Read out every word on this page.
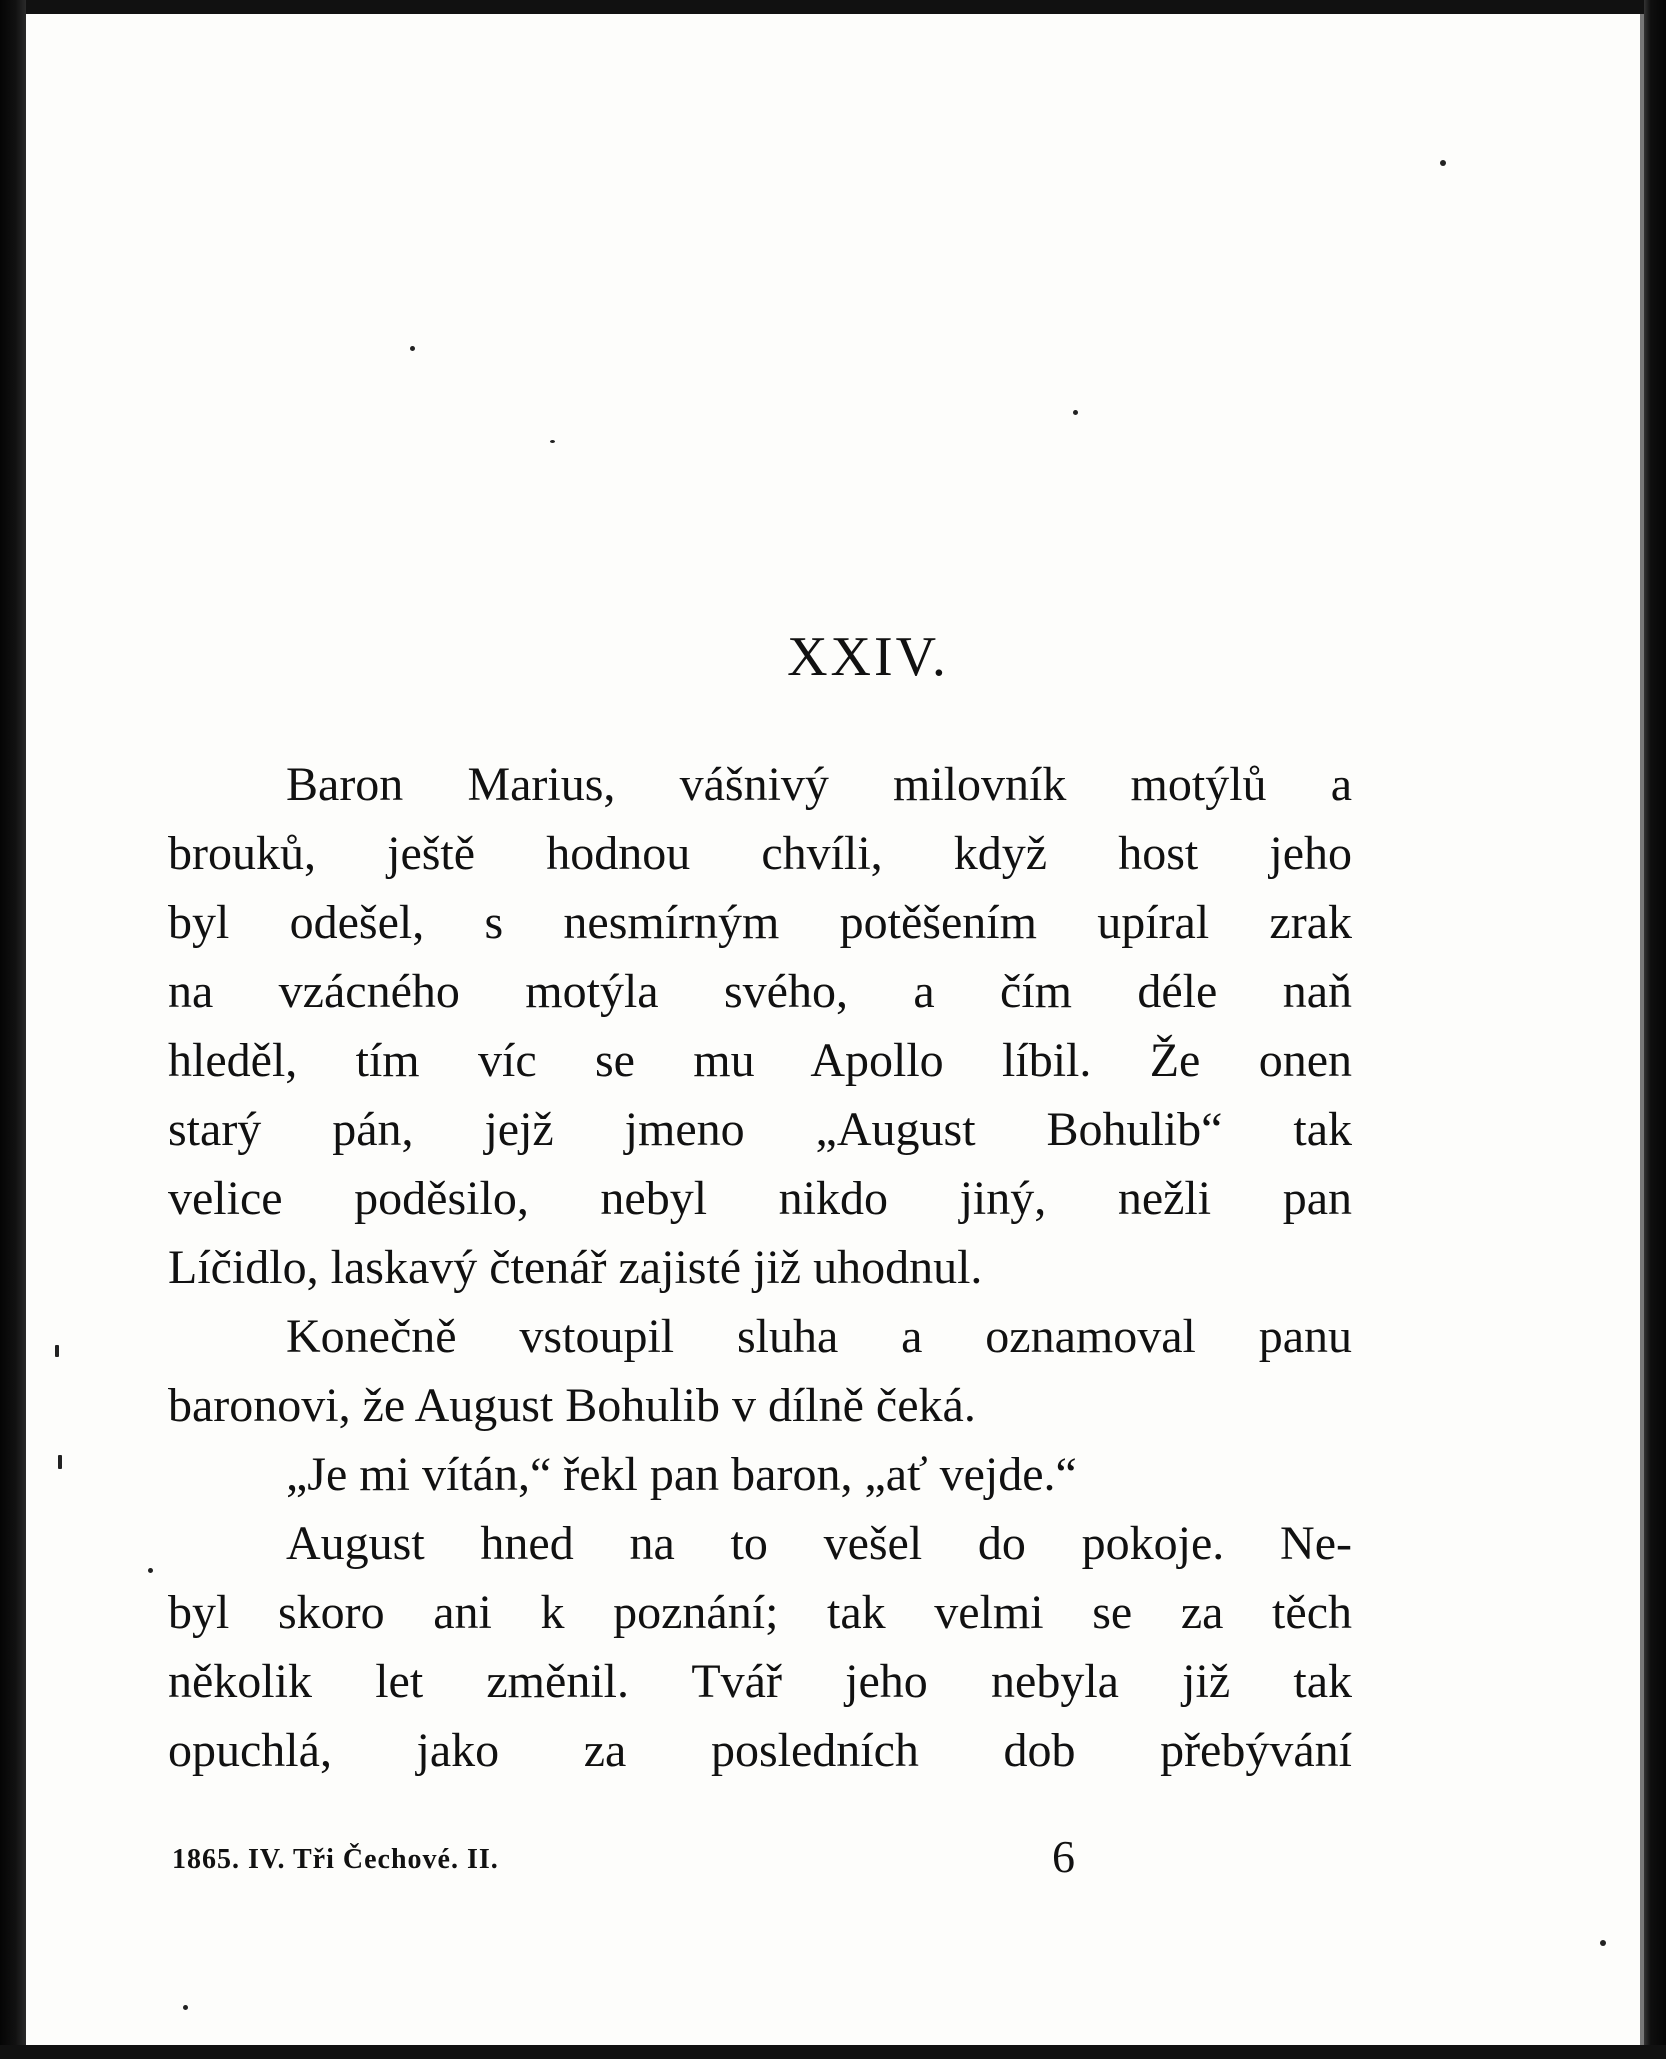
XXIV.
Baron Marius, vášnivý milovník motýlů a
brouků, ještě hodnou chvíli, když host jeho
byl odešel, s nesmírným potěšením upíral zrak
na vzácného motýla svého, a čím déle naň
hleděl, tím víc se mu Apollo líbil. Že onen
starý pán, jejž jmeno „August Bohulib“ tak
velice poděsilo, nebyl nikdo jiný, nežli pan
Líčidlo, laskavý čtenář zajisté již uhodnul.
Konečně vstoupil sluha a oznamoval panu
baronovi, že August Bohulib v dílně čeká.
„Je mi vítán,“ řekl pan baron, „ať vejde.“
August hned na to vešel do pokoje. Ne-
byl skoro ani k poznání; tak velmi se za těch
několik let změnil. Tvář jeho nebyla již tak
opuchlá, jako za posledních dob přebývání
1865. IV. Tři Čechové. II.	6
